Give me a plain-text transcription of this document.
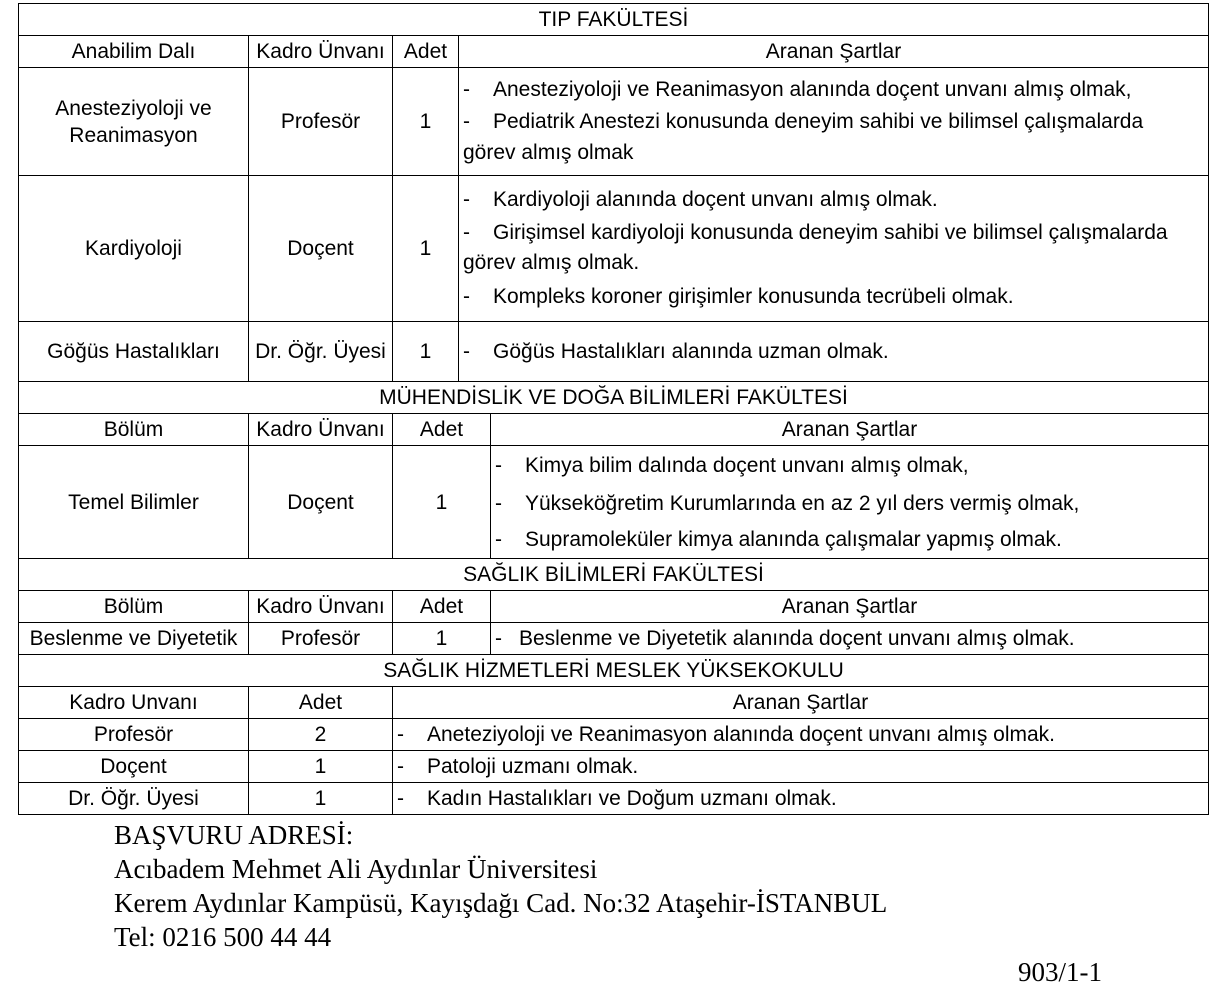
TIP FAKÜLTESİ				
Anabilim Dalı	Kadro Ünvanı	Adet	Aranan Şartlar	
Anesteziyoloji ve Reanimasyon	Profesör	1	- Anesteziyoloji ve Reanimasyon alanında doçent unvanı almış olmak,
- Pediatrik Anestezi konusunda deneyim sahibi ve bilimsel çalışmalarda
görev almış olmak	

Kardiyoloji	Doçent	1	- Kardiyoloji alanında doçent unvanı almış olmak.
- Girişimsel kardiyoloji konusunda deneyim sahibi ve bilimsel çalışmalarda
görev almış olmak.
- Kompleks koroner girişimler konusunda tecrübeli olmak.	

Göğüs Hastalıkları	Dr. Öğr. Üyesi	1	- Göğüs Hastalıkları alanında uzman olmak.	

MÜHENDİSLİK VE DOĞA BİLİMLERİ FAKÜLTESİ				
Bölüm	Kadro Ünvanı	Adet		Aranan Şartlar
Temel Bilimler	Doçent	1		- Kimya bilim dalında doçent unvanı almış olmak,
- Yükseköğretim Kurumlarında en az 2 yıl ders vermiş olmak,
- Supramoleküler kimya alanında çalışmalar yapmış olmak.

SAĞLIK BİLİMLERİ FAKÜLTESİ				
Bölüm	Kadro Ünvanı	Adet		Aranan Şartlar
Beslenme ve Diyetetik	Profesör	1		- Beslenme ve Diyetetik alanında doçent unvanı almış olmak.

SAĞLIK HİZMETLERİ MESLEK YÜKSEKOKULU				
Kadro Unvanı	Adet	Aranan Şartlar		
Profesör	2	- Aneteziyoloji ve Reanimasyon alanında doçent unvanı almış olmak.		

Doçent	1	- Patoloji uzmanı olmak.		

Dr. Öğr. Üyesi	1	- Kadın Hastalıkları ve Doğum uzmanı olmak.		
BAŞVURU ADRESİ:
Acıbadem Mehmet Ali Aydınlar Üniversitesi
Kerem Aydınlar Kampüsü, Kayışdağı Cad. No:32 Ataşehir-İSTANBUL
Tel: 0216 500 44 44
903/1-1
